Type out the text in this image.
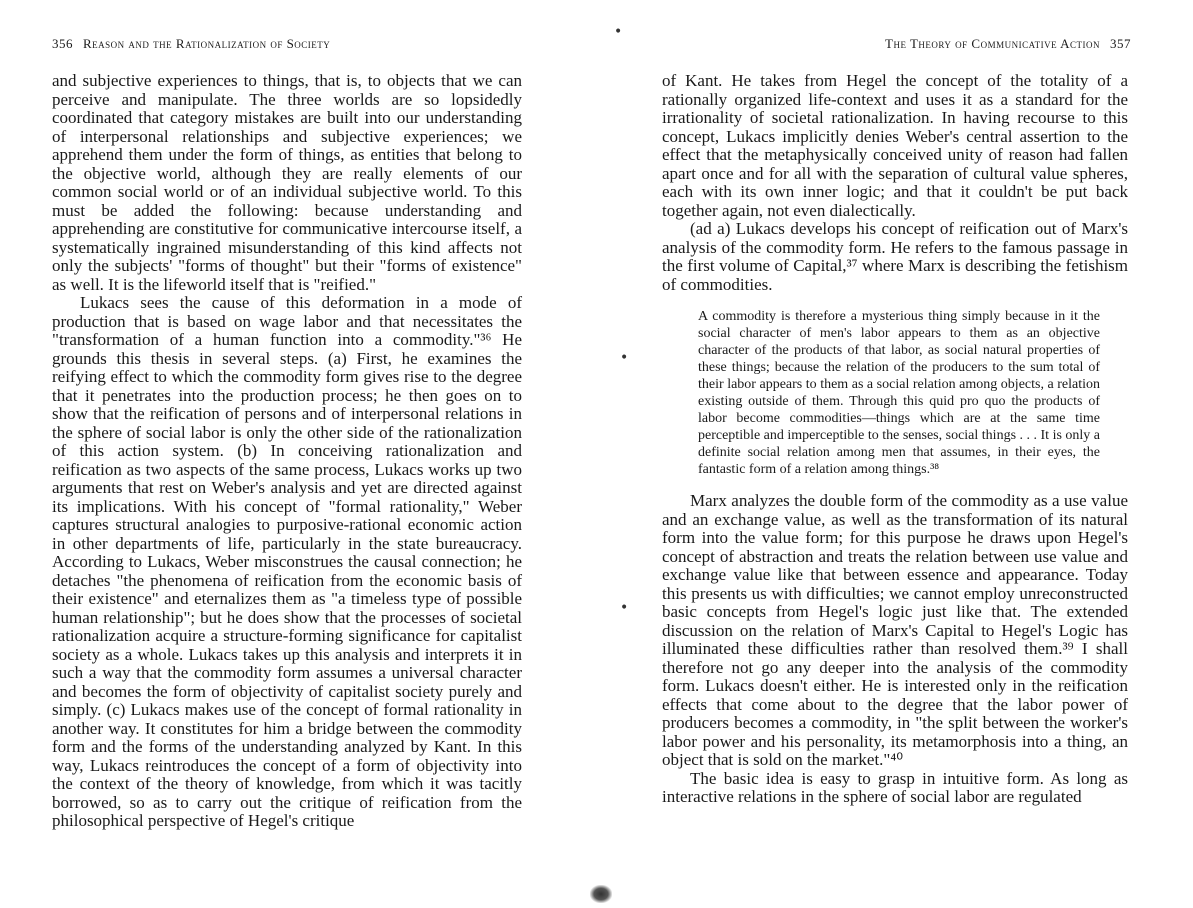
356 Reason and the Rationalization of Society

and subjective experiences to things, that is, to objects that we can perceive and manipulate. The three worlds are so lopsidedly coordinated that category mistakes are built into our understanding of interpersonal relationships and subjective experiences; we apprehend them under the form of things, as entities that belong to the objective world, although they are really elements of our common social world or of an individual subjective world. To this must be added the following: because understanding and apprehending are constitutive for communicative intercourse itself, a systematically ingrained misunderstanding of this kind affects not only the subjects' "forms of thought" but their "forms of existence" as well. It is the lifeworld itself that is "reified."

Lukacs sees the cause of this deformation in a mode of production that is based on wage labor and that necessitates the "transformation of a human function into a commodity."³⁶ He grounds this thesis in several steps. (a) First, he examines the reifying effect to which the commodity form gives rise to the degree that it penetrates into the production process; he then goes on to show that the reification of persons and of interpersonal relations in the sphere of social labor is only the other side of the rationalization of this action system. (b) In conceiving rationalization and reification as two aspects of the same process, Lukacs works up two arguments that rest on Weber's analysis and yet are directed against its implications. With his concept of "formal rationality," Weber captures structural analogies to purposive-rational economic action in other departments of life, particularly in the state bureaucracy. According to Lukacs, Weber misconstrues the causal connection; he detaches "the phenomena of reification from the economic basis of their existence" and eternalizes them as "a timeless type of possible human relationship"; but he does show that the processes of societal rationalization acquire a structure-forming significance for capitalist society as a whole. Lukacs takes up this analysis and interprets it in such a way that the commodity form assumes a universal character and becomes the form of objectivity of capitalist society purely and simply. (c) Lukacs makes use of the concept of formal rationality in another way. It constitutes for him a bridge between the commodity form and the forms of the understanding analyzed by Kant. In this way, Lukacs reintroduces the concept of a form of objectivity into the context of the theory of knowledge, from which it was tacitly borrowed, so as to carry out the critique of reification from the philosophical perspective of Hegel's critique

•
•
•
The Theory of Communicative Action 357

of Kant. He takes from Hegel the concept of the totality of a rationally organized life-context and uses it as a standard for the irrationality of societal rationalization. In having recourse to this concept, Lukacs implicitly denies Weber's central assertion to the effect that the metaphysically conceived unity of reason had fallen apart once and for all with the separation of cultural value spheres, each with its own inner logic; and that it couldn't be put back together again, not even dialectically.

(ad a) Lukacs develops his concept of reification out of Marx's analysis of the commodity form. He refers to the famous passage in the first volume of Capital,³⁷ where Marx is describing the fetishism of commodities.

A commodity is therefore a mysterious thing simply because in it the social character of men's labor appears to them as an objective character of the products of that labor, as social natural properties of these things; because the relation of the producers to the sum total of their labor appears to them as a social relation among objects, a relation existing outside of them. Through this quid pro quo the products of labor become commodities—things which are at the same time perceptible and imperceptible to the senses, social things . . . It is only a definite social relation among men that assumes, in their eyes, the fantastic form of a relation among things.³⁸

Marx analyzes the double form of the commodity as a use value and an exchange value, as well as the transformation of its natural form into the value form; for this purpose he draws upon Hegel's concept of abstraction and treats the relation between use value and exchange value like that between essence and appearance. Today this presents us with difficulties; we cannot employ unreconstructed basic concepts from Hegel's logic just like that. The extended discussion on the relation of Marx's Capital to Hegel's Logic has illuminated these difficulties rather than resolved them.³⁹ I shall therefore not go any deeper into the analysis of the commodity form. Lukacs doesn't either. He is interested only in the reification effects that come about to the degree that the labor power of producers becomes a commodity, in "the split between the worker's labor power and his personality, its metamorphosis into a thing, an object that is sold on the market."⁴⁰

The basic idea is easy to grasp in intuitive form. As long as interactive relations in the sphere of social labor are regulated
